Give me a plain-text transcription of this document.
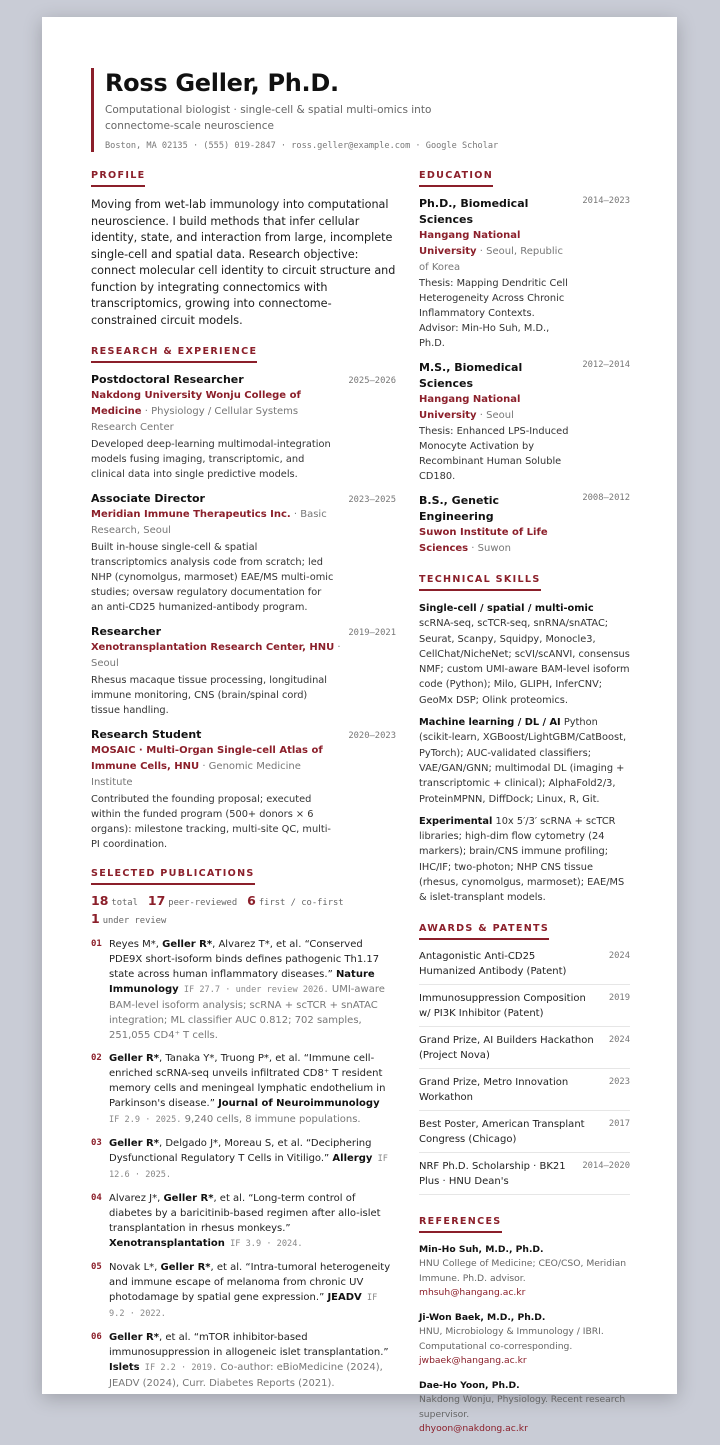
Ross Geller, Ph.D.
Computational biologist · single-cell & spatial multi-omics into connectome-scale neuroscience
Boston, MA 02135 · (555) 019-2847 · ross.geller@example.com · Google Scholar
PROFILE
Moving from wet-lab immunology into computational neuroscience. I build methods that infer cellular identity, state, and interaction from large, incomplete single-cell and spatial data. Research objective: connect molecular cell identity to circuit structure and function by integrating connectomics with transcriptomics, growing into connectome-constrained circuit models.
RESEARCH & EXPERIENCE
Postdoctoral Researcher	2025–2026
Nakdong University Wonju College of Medicine · Physiology / Cellular Systems Research Center
Developed deep-learning multimodal-integration models fusing imaging, transcriptomic, and clinical data into single predictive models.
Associate Director	2023–2025
Meridian Immune Therapeutics Inc. · Basic Research, Seoul
Built in-house single-cell & spatial transcriptomics analysis code from scratch; led NHP (cynomolgus, marmoset) EAE/MS multi-omic studies; oversaw regulatory documentation for an anti-CD25 humanized-antibody program.
Researcher	2019–2021
Xenotransplantation Research Center, HNU · Seoul
Rhesus macaque tissue processing, longitudinal immune monitoring, CNS (brain/spinal cord) tissue handling.
Research Student	2020–2023
MOSAIC · Multi-Organ Single-cell Atlas of Immune Cells, HNU · Genomic Medicine Institute
Contributed the founding proposal; executed within the funded program (500+ donors × 6 organs): milestone tracking, multi-site QC, multi-PI coordination.
SELECTED PUBLICATIONS
18 total 17 peer-reviewed 6 first / co-first
1 under review
01 Reyes M*, Geller R*, Alvarez T*, et al. “Conserved PDE9X short-isoform binds defines pathogenic Th1.17 state across human inflammatory diseases.” Nature Immunology IF 27.7 · under review 2026. UMI-aware BAM-level isoform analysis; scRNA + scTCR + snATAC integration; ML classifier AUC 0.812; 702 samples, 251,055 CD4⁺ T cells.
02 Geller R*, Tanaka Y*, Truong P*, et al. “Immune cell-enriched scRNA-seq unveils infiltrated CD8⁺ T resident memory cells and meningeal lymphatic endothelium in Parkinson's disease.” Journal of Neuroimmunology IF 2.9 · 2025. 9,240 cells, 8 immune populations.
03 Geller R*, Delgado J*, Moreau S, et al. “Deciphering Dysfunctional Regulatory T Cells in Vitiligo.” Allergy IF 12.6 · 2025.
04 Alvarez J*, Geller R*, et al. “Long-term control of diabetes by a baricitinib-based regimen after allo-islet transplantation in rhesus monkeys.” Xenotransplantation IF 3.9 · 2024.
05 Novak L*, Geller R*, et al. “Intra-tumoral heterogeneity and immune escape of melanoma from chronic UV photodamage by spatial gene expression.” JEADV IF 9.2 · 2022.
06 Geller R*, et al. “mTOR inhibitor-based immunosuppression in allogeneic islet transplantation.” Islets IF 2.2 · 2019. Co-author: eBioMedicine (2024), JEADV (2024), Curr. Diabetes Reports (2021).
EDUCATION
Ph.D., Biomedical Sciences
2014–2023
Hangang National University · Seoul, Republic of Korea
Thesis: Mapping Dendritic Cell Heterogeneity Across Chronic Inflammatory Contexts. Advisor: Min-Ho Suh, M.D., Ph.D.
M.S., Biomedical Sciences
2012–2014
Hangang National University · Seoul
Thesis: Enhanced LPS-Induced Monocyte Activation by Recombinant Human Soluble CD180.
B.S., Genetic Engineering
2008–2012
Suwon Institute of Life Sciences · Suwon
TECHNICAL SKILLS
Single-cell / spatial / multi-omic scRNA-seq, scTCR-seq, snRNA/snATAC; Seurat, Scanpy, Squidpy, Monocle3, CellChat/NicheNet; scVI/scANVI, consensus NMF; custom UMI-aware BAM-level isoform code (Python); Milo, GLIPH, InferCNV; GeoMx DSP; Olink proteomics.
Machine learning / DL / AI Python (scikit-learn, XGBoost/LightGBM/CatBoost, PyTorch); AUC-validated classifiers; VAE/GAN/GNN; multimodal DL (imaging + transcriptomic + clinical); AlphaFold2/3, ProteinMPNN, DiffDock; Linux, R, Git.
Experimental 10x 5′/3′ scRNA + scTCR libraries; high-dim flow cytometry (24 markers); brain/CNS immune profiling; IHC/IF; two-photon; NHP CNS tissue (rhesus, cynomolgus, marmoset); EAE/MS & islet-transplant models.
AWARDS & PATENTS
Antagonistic Anti-CD25 Humanized Antibody (Patent)
2024
Immunosuppression Composition w/ PI3K Inhibitor (Patent)
2019
Grand Prize, AI Builders Hackathon (Project Nova)
2024
Grand Prize, Metro Innovation Workathon
2023
Best Poster, American Transplant Congress (Chicago)
2017
NRF Ph.D. Scholarship · BK21 Plus · HNU Dean's
2014–2020
REFERENCES
Min-Ho Suh, M.D., Ph.D.
HNU College of Medicine; CEO/CSO, Meridian Immune. Ph.D. advisor.
mhsuh@hangang.ac.kr
Ji-Won Baek, M.D., Ph.D.
HNU, Microbiology & Immunology / IBRI. Computational co-corresponding.
jwbaek@hangang.ac.kr
Dae-Ho Yoon, Ph.D.
Nakdong Wonju, Physiology. Recent research supervisor.
dhyoon@nakdong.ac.kr
